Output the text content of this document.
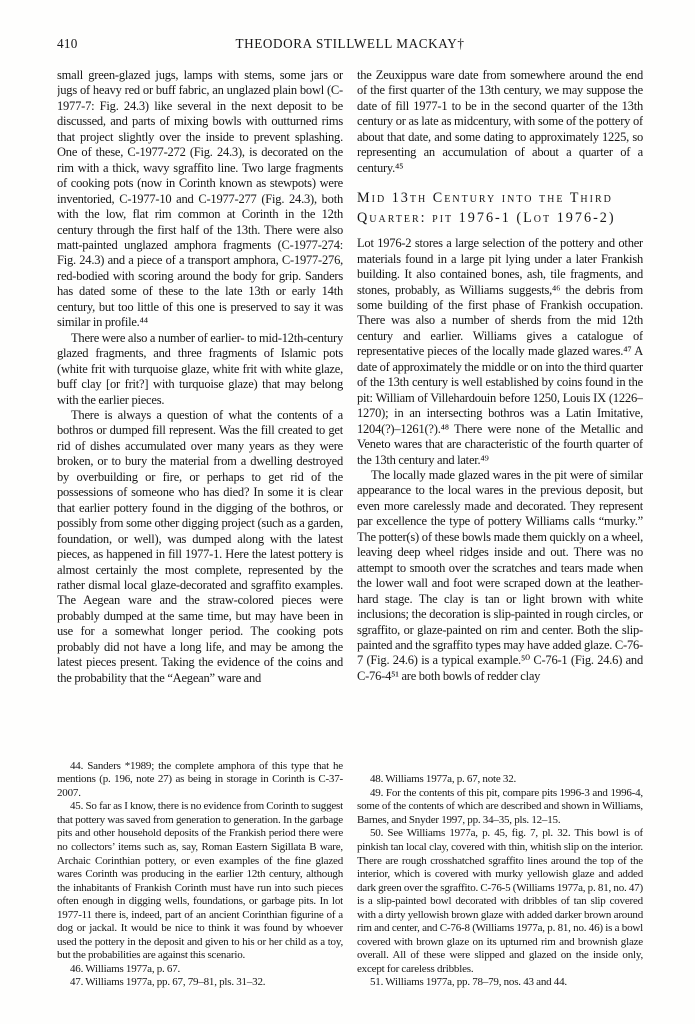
410	THEODORA STILLWELL MACKAY†

small green-glazed jugs, lamps with stems, some jars or jugs of heavy red or buff fabric, an unglazed plain bowl (C-1977-7: Fig. 24.3) like several in the next deposit to be discussed, and parts of mixing bowls with outturned rims that project slightly over the inside to prevent splashing. One of these, C-1977-272 (Fig. 24.3), is decorated on the rim with a thick, wavy sgraffito line. Two large fragments of cooking pots (now in Corinth known as stewpots) were inventoried, C-1977-10 and C-1977-277 (Fig. 24.3), both with the low, flat rim common at Corinth in the 12th century through the first half of the 13th. There were also matt-painted unglazed amphora fragments (C-1977-274: Fig. 24.3) and a piece of a transport amphora, C-1977-276, red-bodied with scoring around the body for grip. Sanders has dated some of these to the late 13th or early 14th century, but too little of this one is preserved to say it was similar in profile.⁴⁴

There were also a number of earlier- to mid-12th-century glazed fragments, and three fragments of Islamic pots (white frit with turquoise glaze, white frit with white glaze, buff clay [or frit?] with turquoise glaze) that may belong with the earlier pieces.

There is always a question of what the contents of a bothros or dumped fill represent. Was the fill created to get rid of dishes accumulated over many years as they were broken, or to bury the material from a dwelling destroyed by overbuilding or fire, or perhaps to get rid of the possessions of someone who has died? In some it is clear that earlier pottery found in the digging of the bothros, or possibly from some other digging project (such as a garden, foundation, or well), was dumped along with the latest pieces, as happened in fill 1977-1. Here the latest pottery is almost certainly the most complete, represented by the rather dismal local glaze-decorated and sgraffito examples. The Aegean ware and the straw-colored pieces were probably dumped at the same time, but may have been in use for a somewhat longer period. The cooking pots probably did not have a long life, and may be among the latest pieces present. Taking the evidence of the coins and the probability that the “Aegean” ware and

44. Sanders *1989; the complete amphora of this type that he mentions (p. 196, note 27) as being in storage in Corinth is C-37-2007.

45. So far as I know, there is no evidence from Corinth to suggest that pottery was saved from generation to generation. In the garbage pits and other household deposits of the Frankish period there were no collectors’ items such as, say, Roman Eastern Sigillata B ware, Archaic Corinthian pottery, or even examples of the fine glazed wares Corinth was producing in the earlier 12th century, although the inhabitants of Frankish Corinth must have run into such pieces often enough in digging wells, foundations, or garbage pits. In lot 1977-11 there is, indeed, part of an ancient Corinthian figurine of a dog or jackal. It would be nice to think it was found by whoever used the pottery in the deposit and given to his or her child as a toy, but the probabilities are against this scenario.

46. Williams 1977a, p. 67.

47. Williams 1977a, pp. 67, 79–81, pls. 31–32.

the Zeuxippus ware date from somewhere around the end of the first quarter of the 13th century, we may suppose the date of fill 1977-1 to be in the second quarter of the 13th century or as late as midcentury, with some of the pottery of about that date, and some dating to approximately 1225, so representing an accumulation of about a quarter of a century.⁴⁵

Mid 13th Century into the Third
Quarter: pit 1976-1 (Lot 1976-2)

Lot 1976-2 stores a large selection of the pottery and other materials found in a large pit lying under a later Frankish building. It also contained bones, ash, tile fragments, and stones, probably, as Williams suggests,⁴⁶ the debris from some building of the first phase of Frankish occupation. There was also a number of sherds from the mid 12th century and earlier. Williams gives a catalogue of representative pieces of the locally made glazed wares.⁴⁷ A date of approximately the middle or on into the third quarter of the 13th century is well established by coins found in the pit: William of Villehardouin before 1250, Louis IX (1226–1270); in an intersecting bothros was a Latin Imitative, 1204(?)–1261(?).⁴⁸ There were none of the Metallic and Veneto wares that are characteristic of the fourth quarter of the 13th century and later.⁴⁹

The locally made glazed wares in the pit were of similar appearance to the local wares in the previous deposit, but even more carelessly made and decorated. They represent par excellence the type of pottery Williams calls “murky.” The potter(s) of these bowls made them quickly on a wheel, leaving deep wheel ridges inside and out. There was no attempt to smooth over the scratches and tears made when the lower wall and foot were scraped down at the leather-hard stage. The clay is tan or light brown with white inclusions; the decoration is slip-painted in rough circles, or sgraffito, or glaze-painted on rim and center. Both the slip-painted and the sgraffito types may have added glaze. C-76-7 (Fig. 24.6) is a typical example.⁵⁰ C-76-1 (Fig. 24.6) and C-76-4⁵¹ are both bowls of redder clay

48. Williams 1977a, p. 67, note 32.

49. For the contents of this pit, compare pits 1996-3 and 1996-4, some of the contents of which are described and shown in Williams, Barnes, and Snyder 1997, pp. 34–35, pls. 12–15.

50. See Williams 1977a, p. 45, fig. 7, pl. 32. This bowl is of pinkish tan local clay, covered with thin, whitish slip on the interior. There are rough crosshatched sgraffito lines around the top of the interior, which is covered with murky yellowish glaze and added dark green over the sgraffito. C-76-5 (Williams 1977a, p. 81, no. 47) is a slip-painted bowl decorated with dribbles of tan slip covered with a dirty yellowish brown glaze with added darker brown around rim and center, and C-76-8 (Williams 1977a, p. 81, no. 46) is a bowl covered with brown glaze on its upturned rim and brownish glaze overall. All of these were slipped and glazed on the inside only, except for careless dribbles.

51. Williams 1977a, pp. 78–79, nos. 43 and 44.
